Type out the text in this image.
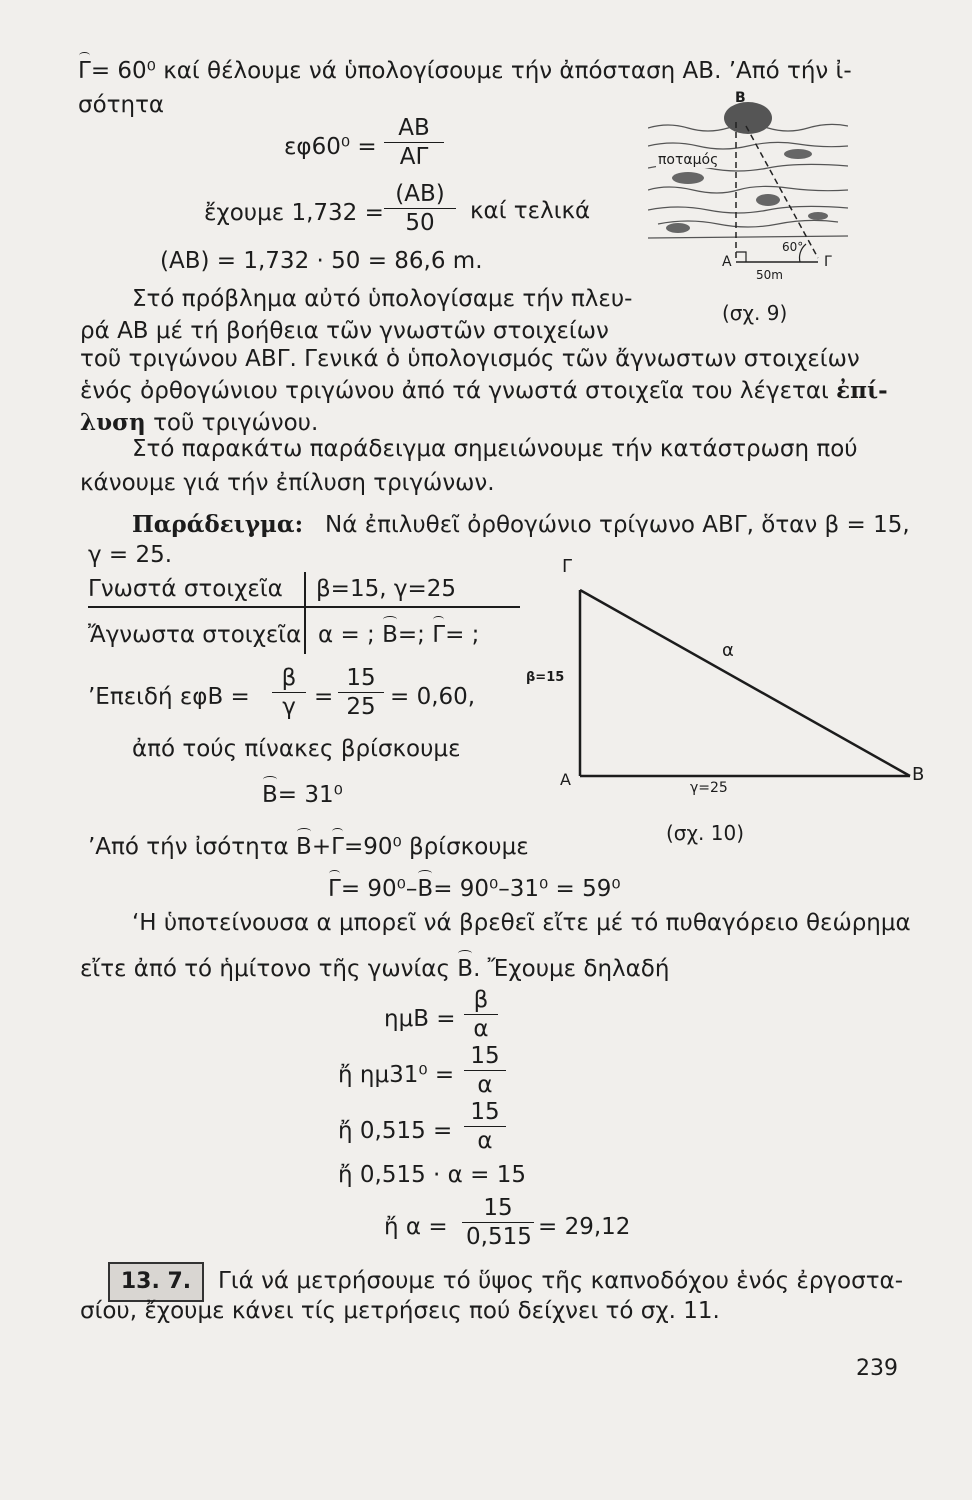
Γ= 60⁰ καί θέλουμε νά ὑπολογίσουμε τήν ἀπόσταση ΑΒ. ’Από τήν ἰ-
σότητα
$\varepsilon\varphi 60^0 = \frac{AB}{A\Gamma}$
ἔχουμε $1,732 = \frac{(AB)}{50}$ καί τελικά
(ΑΒ) = 1,732 · 50 = 86,6 m.
Β
ποταμός
Α	Γ
60°
50m
(σχ. 9)
Στό πρόβλημα αὐτό ὑπολογίσαμε τήν πλευ-
ρά ΑΒ μέ τή βοήθεια τῶν γνωστῶν στοιχείων
τοῦ τριγώνου ΑΒΓ. Γενικά ὁ ὑπολογισμός τῶν ἄγνωστων στοιχείων
ἑνός ὀρθογώνιου τριγώνου ἀπό τά γνωστά στοιχεῖα του λέγεται ἐπί-
λυση τοῦ τριγώνου.
Στό παρακάτω παράδειγμα σημειώνουμε τήν κατάστρωση πού
κάνουμε γιά τήν ἐπίλυση τριγώνων.
Παράδειγμα: Νά ἐπιλυθεῖ ὀρθογώνιο τρίγωνο ΑΒΓ, ὅταν β = 15,
γ = 25.
Γνωστά στοιχεῖα β=15, γ=25
Ἄγνωστα στοιχεῖα α = ; Β=; Γ= ;
’Επειδή $\varepsilon\varphi B = \frac{\beta}{\gamma} = \frac{15}{25} = 0,60$,
ἀπό τούς πίνακες βρίσκουμε
Β= 31⁰
Γ
Α	Β
α
β=15
γ=25
(σχ. 10)
’Από τήν ἰσότητα Β+Γ=90⁰ βρίσκουμε
Γ= 90⁰–Β= 90⁰–31⁰ = 59⁰
‘Η ὑποτείνουσα α μπορεῖ νά βρεθεῖ εἴτε μέ τό πυθαγόρειο θεώρημα
εἴτε ἀπό τό ἡμίτονο τῆς γωνίας Β. Ἔχουμε δηλαδή
$\eta\mu B = \frac{\beta}{\alpha}$
ἤ $\eta\mu 31^0 = \frac{15}{\alpha}$
ἤ $0,515 = \frac{15}{\alpha}$
ἤ 0,515 · α = 15
ἤ $\alpha = \frac{15}{0,515} = 29,12$
13. 7.	Γιά νά μετρήσουμε τό ὕψος τῆς καπνοδόχου ἑνός ἐργοστα-
σίου, ἔχουμε κάνει τίς μετρήσεις πού δείχνει τό σχ. 11.
239
